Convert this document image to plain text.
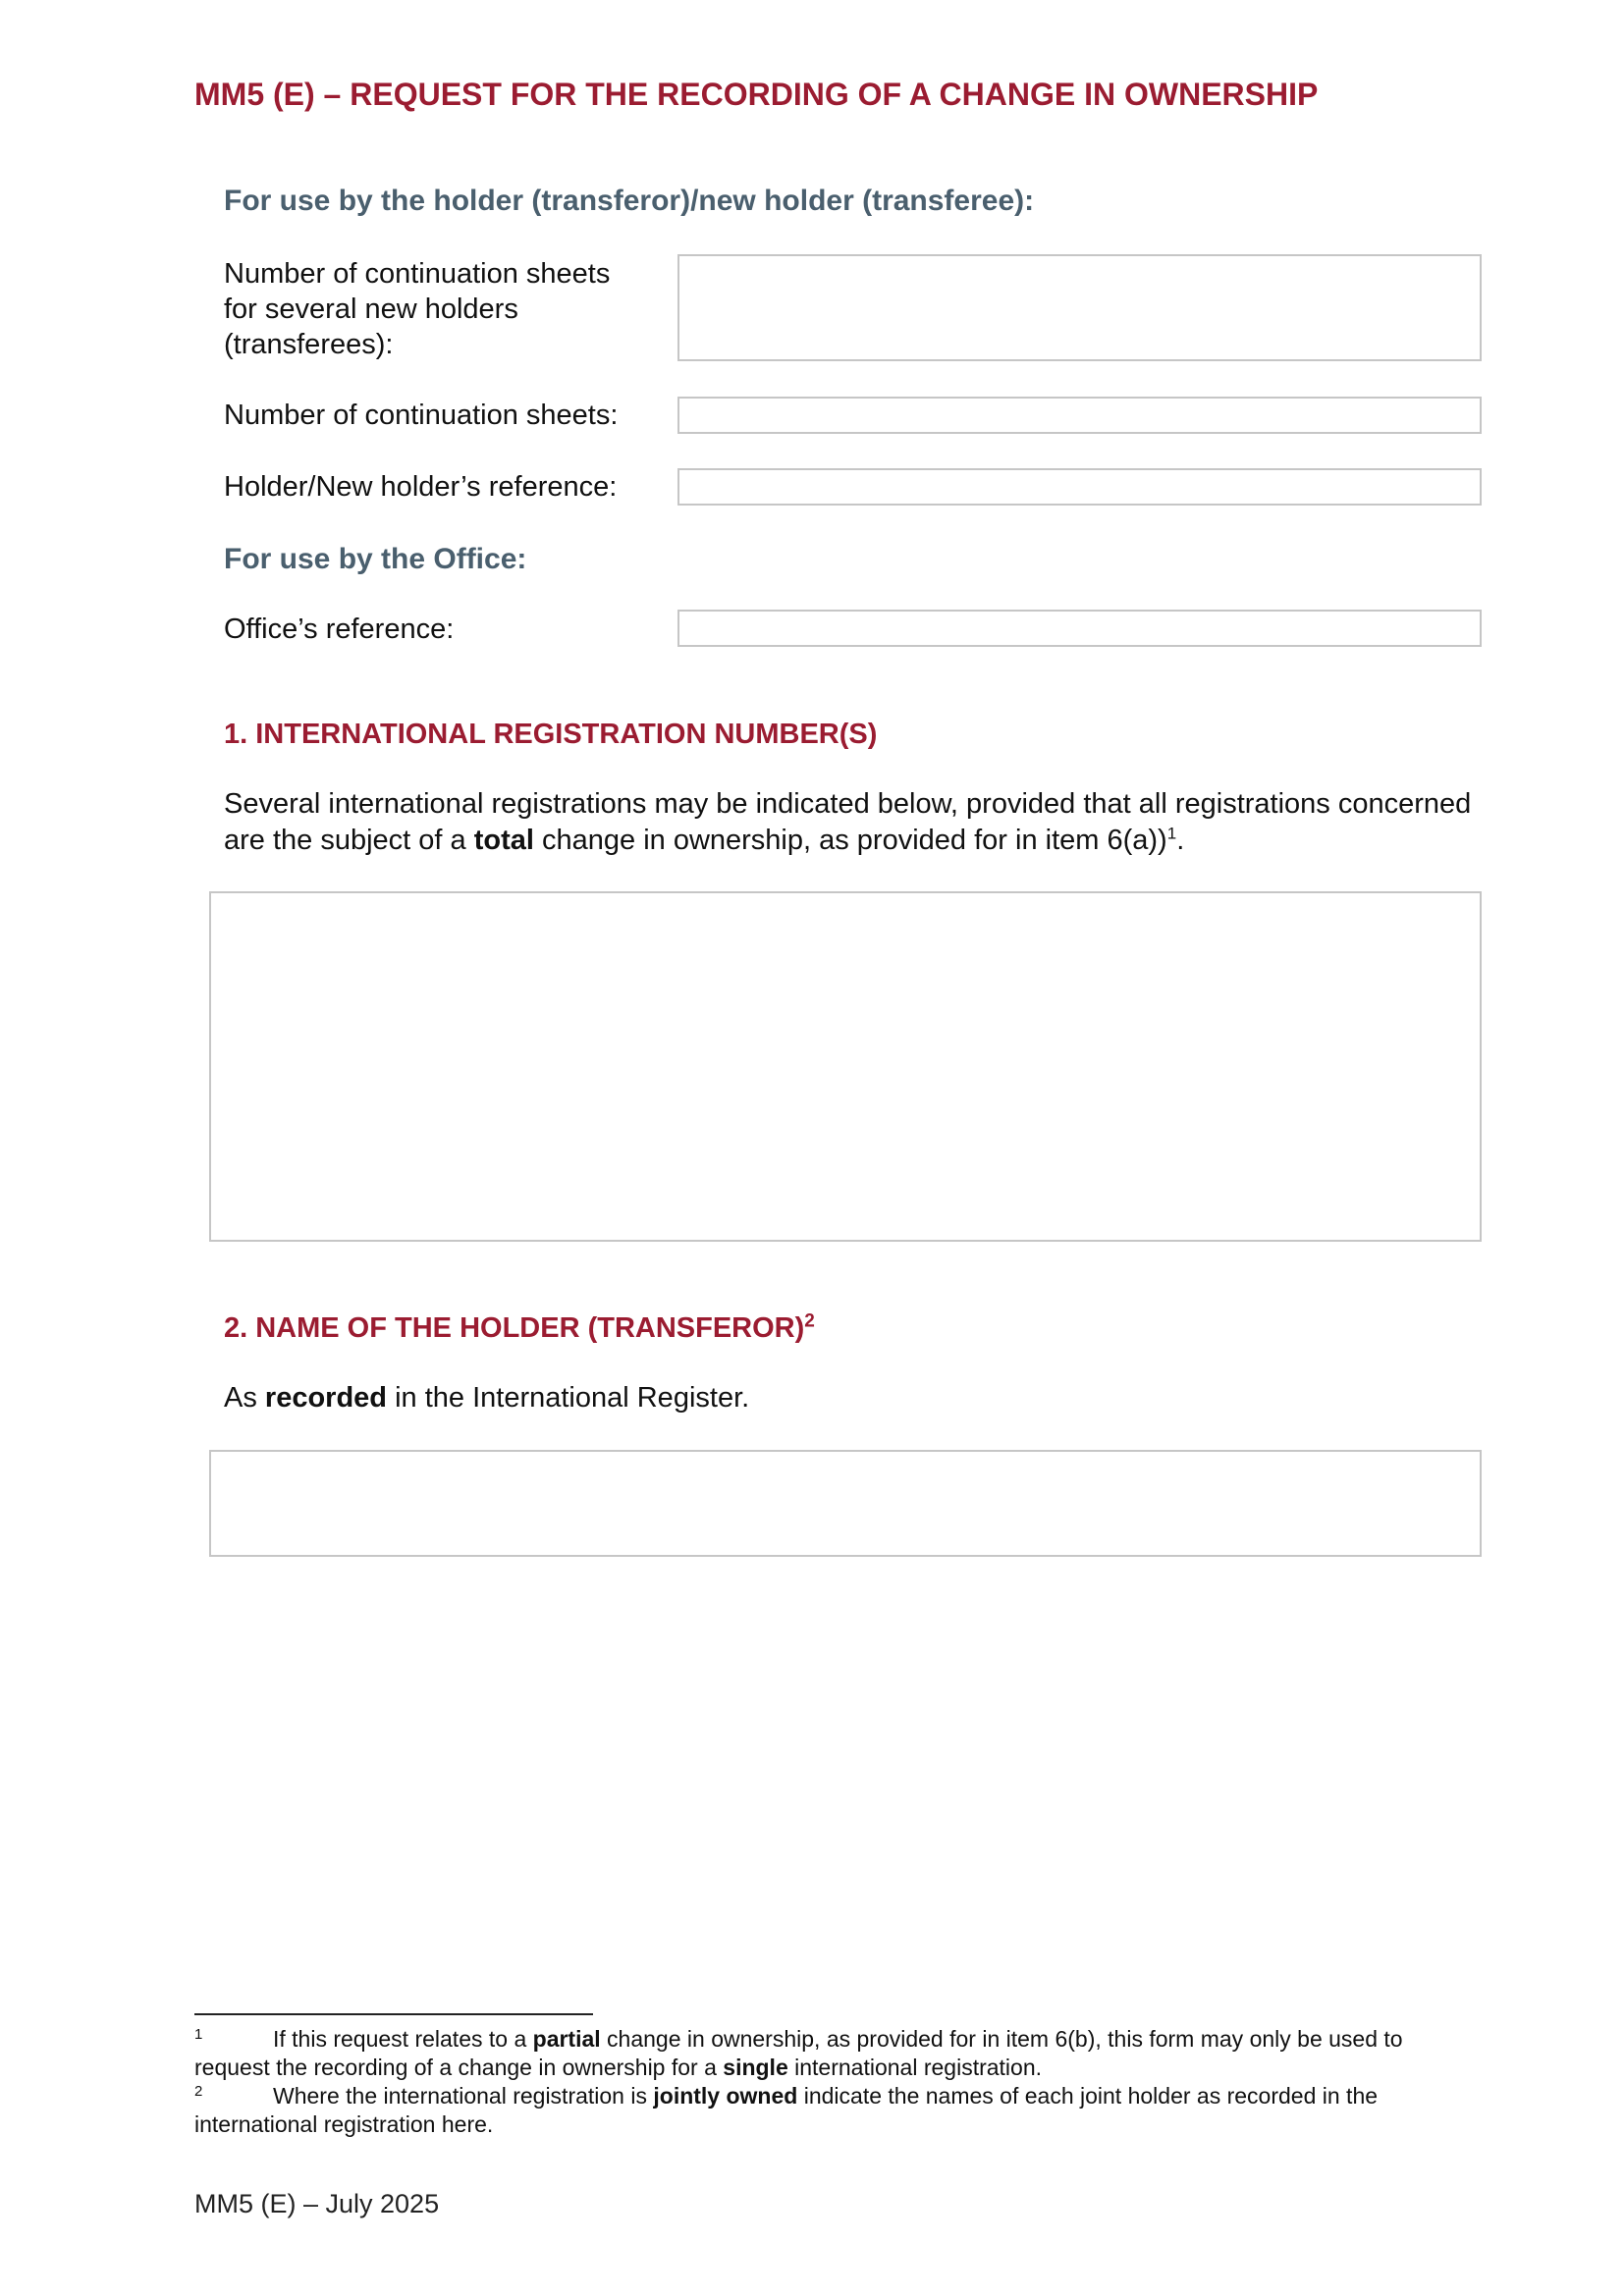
MM5 (E) – REQUEST FOR THE RECORDING OF A CHANGE IN OWNERSHIP
For use by the holder (transferor)/new holder (transferee):
Number of continuation sheets
for several new holders
(transferees):
Number of continuation sheets:
Holder/New holder’s reference:
For use by the Office:
Office’s reference:
1. INTERNATIONAL REGISTRATION NUMBER(S)
Several international registrations may be indicated below, provided that all registrations concerned are the subject of a total change in ownership, as provided for in item 6(a))$^1$.
2. NAME OF THE HOLDER (TRANSFEROR)$^2$
As recorded in the International Register.
1	If this request relates to a partial change in ownership, as provided for in item 6(b), this form may only be used to request the recording of a change in ownership for a single international registration.
2	Where the international registration is jointly owned indicate the names of each joint holder as recorded in the international registration here.
MM5 (E) – July 2025
